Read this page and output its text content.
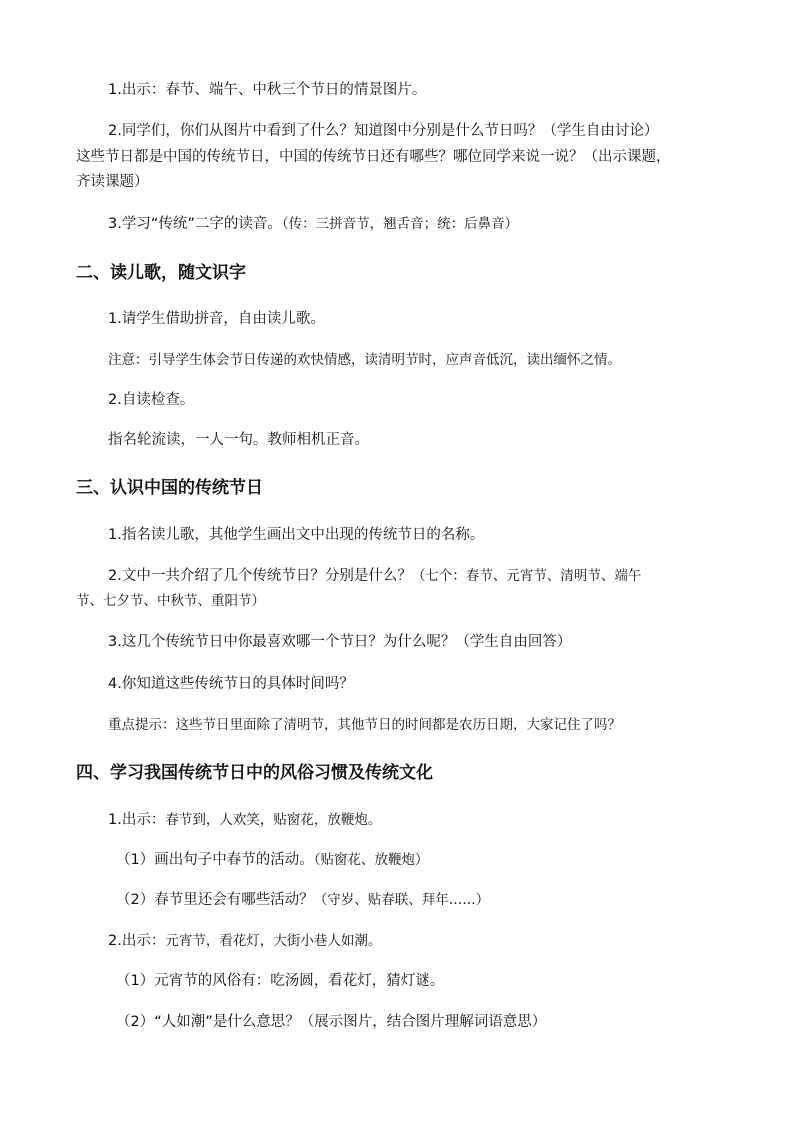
1.出示：春节、端午、中秋三个节日的情景图片。
2.同学们，你们从图片中看到了什么？知道图中分别是什么节日吗？（学生自由讨论）
这些节日都是中国的传统节日，中国的传统节日还有哪些？哪位同学来说一说？（出示课题，
齐读课题）
3.学习“传统”二字的读音。（传：三拼音节，翘舌音；统：后鼻音）
二、读儿歌，随文识字
1.请学生借助拼音，自由读儿歌。
注意：引导学生体会节日传递的欢快情感，读清明节时，应声音低沉，读出缅怀之情。
2.自读检查。
指名轮流读，一人一句。教师相机正音。
三、认识中国的传统节日
1.指名读儿歌，其他学生画出文中出现的传统节日的名称。
2.文中一共介绍了几个传统节日？分别是什么？（七个：春节、元宵节、清明节、端午
节、七夕节、中秋节、重阳节）
3.这几个传统节日中你最喜欢哪一个节日？为什么呢？（学生自由回答）
4.你知道这些传统节日的具体时间吗？
重点提示：这些节日里面除了清明节，其他节日的时间都是农历日期，大家记住了吗？
四、学习我国传统节日中的风俗习惯及传统文化
1.出示：春节到，人欢笑，贴窗花，放鞭炮。
（1）画出句子中春节的活动。（贴窗花、放鞭炮）
（2）春节里还会有哪些活动？（守岁、贴春联、拜年……）
2.出示：元宵节，看花灯，大街小巷人如潮。
（1）元宵节的风俗有：吃汤圆，看花灯，猜灯谜。
（2）“人如潮”是什么意思？（展示图片，结合图片理解词语意思）
